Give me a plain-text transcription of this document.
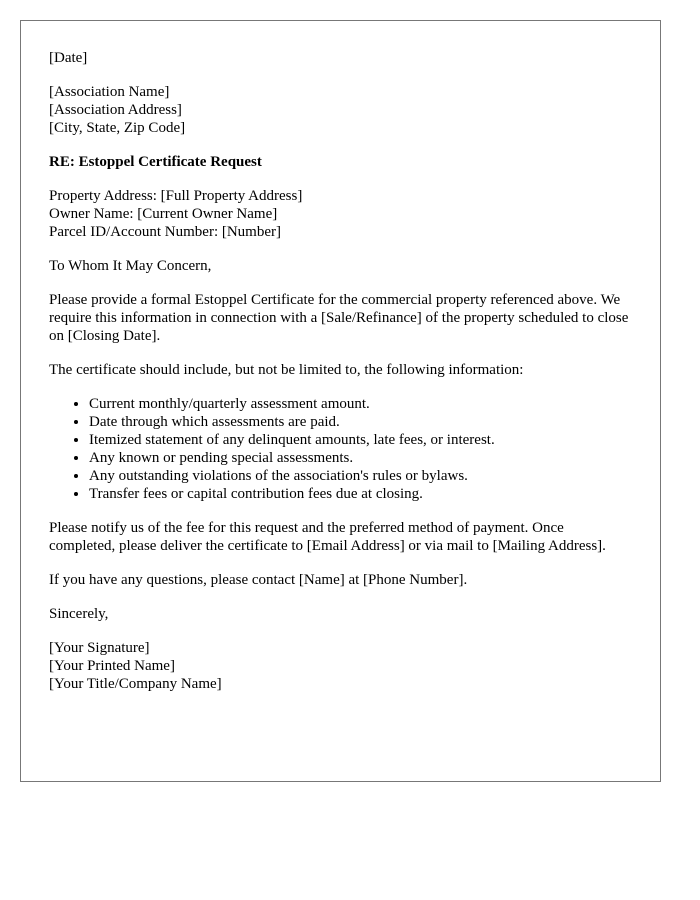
[Date]
[Association Name]
[Association Address]
[City, State, Zip Code]
RE: Estoppel Certificate Request
Property Address: [Full Property Address]
Owner Name: [Current Owner Name]
Parcel ID/Account Number: [Number]

To Whom It May Concern,

Please provide a formal Estoppel Certificate for the commercial property referenced above. We require this information in connection with a [Sale/Refinance] of the property scheduled to close on [Closing Date].

The certificate should include, but not be limited to, the following information:

• Current monthly/quarterly assessment amount.
• Date through which assessments are paid.
• Itemized statement of any delinquent amounts, late fees, or interest.
• Any known or pending special assessments.
• Any outstanding violations of the association's rules or bylaws.
• Transfer fees or capital contribution fees due at closing.

Please notify us of the fee for this request and the preferred method of payment. Once completed, please deliver the certificate to [Email Address] or via mail to [Mailing Address].

If you have any questions, please contact [Name] at [Phone Number].

Sincerely,

[Your Signature]
[Your Printed Name]
[Your Title/Company Name]
